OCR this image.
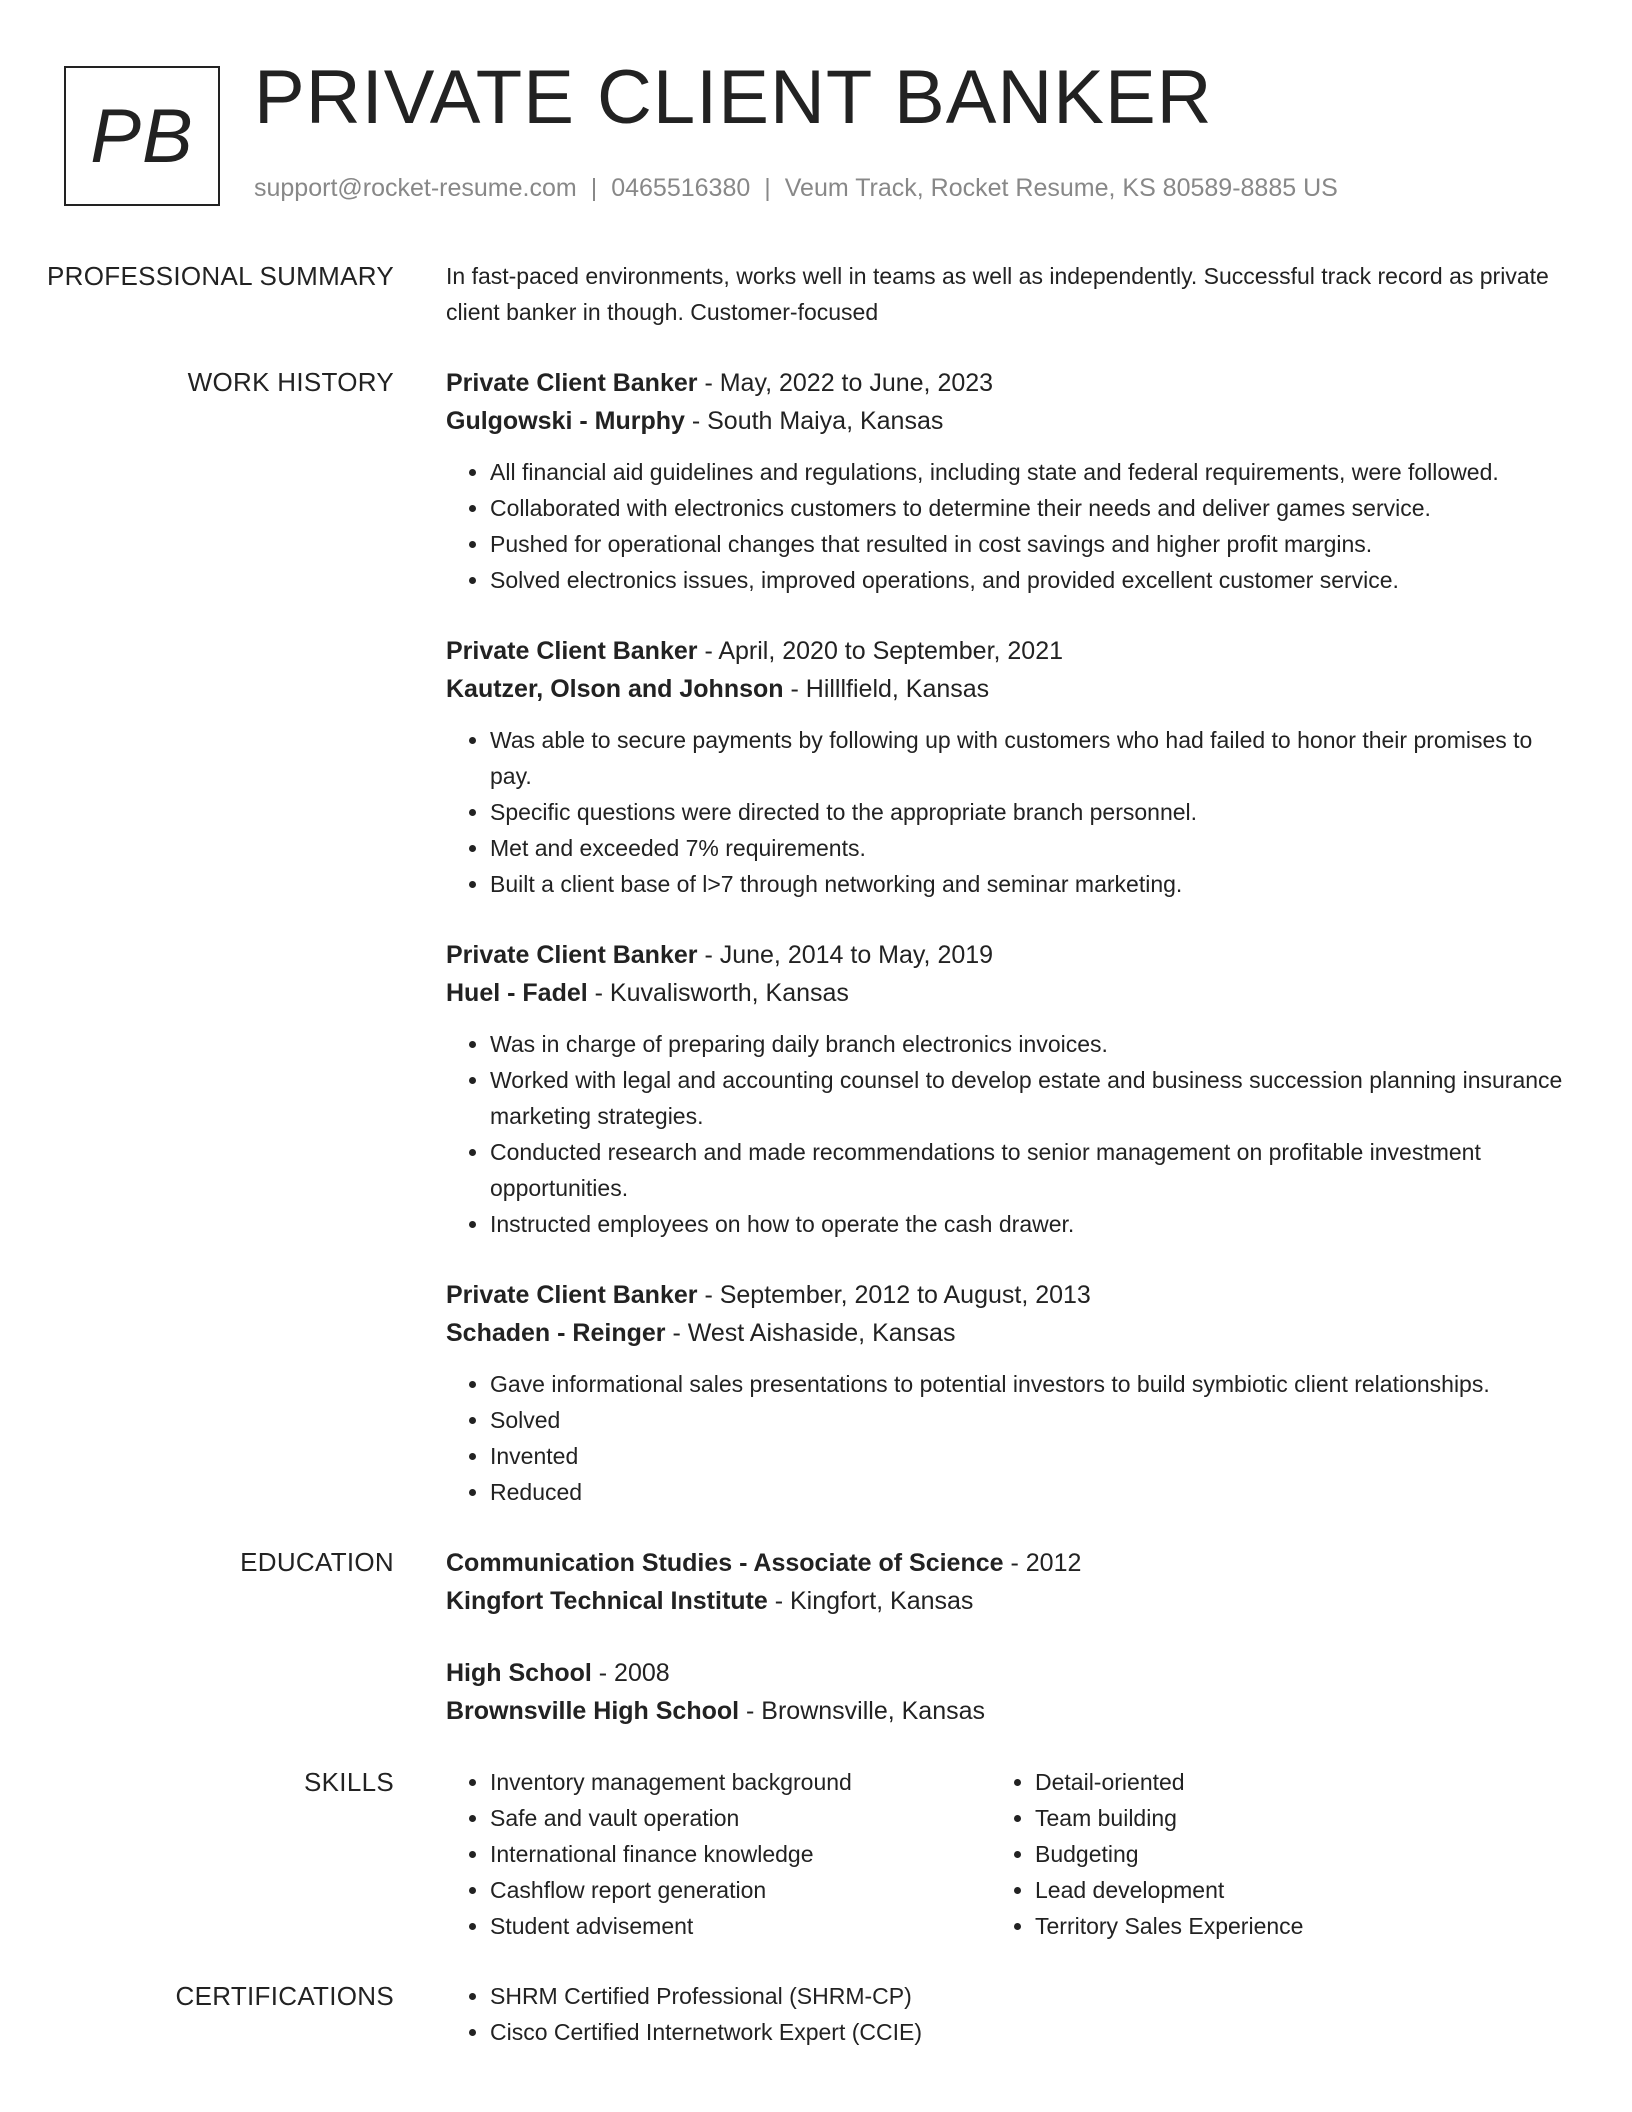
PB PRIVATE CLIENT BANKER
support@rocket-resume.com | 0465516380 | Veum Track, Rocket Resume, KS 80589-8885 US
PROFESSIONAL SUMMARY	In fast-paced environments, works well in teams as well as independently. Successful track record as private client banker in though. Customer-focused

WORK HISTORY	Private Client Banker - May, 2022 to June, 2023
Gulgowski - Murphy - South Maiya, Kansas
• All financial aid guidelines and regulations, including state and federal requirements, were followed.
• Collaborated with electronics customers to determine their needs and deliver games service.
• Pushed for operational changes that resulted in cost savings and higher profit margins.
• Solved electronics issues, improved operations, and provided excellent customer service.
Private Client Banker - April, 2020 to September, 2021
Kautzer, Olson and Johnson - Hilllfield, Kansas
• Was able to secure payments by following up with customers who had failed to honor their promises to pay.
• Specific questions were directed to the appropriate branch personnel.
• Met and exceeded 7% requirements.
• Built a client base of l>7 through networking and seminar marketing.
Private Client Banker - June, 2014 to May, 2019
Huel - Fadel - Kuvalisworth, Kansas
• Was in charge of preparing daily branch electronics invoices.
• Worked with legal and accounting counsel to develop estate and business succession planning insurance marketing strategies.
• Conducted research and made recommendations to senior management on profitable investment opportunities.
• Instructed employees on how to operate the cash drawer.
Private Client Banker - September, 2012 to August, 2013
Schaden - Reinger - West Aishaside, Kansas
• Gave informational sales presentations to potential investors to build symbiotic client relationships.
• Solved
• Invented
• Reduced
EDUCATION	Communication Studies - Associate of Science - 2012
Kingfort Technical Institute - Kingfort, Kansas
High School - 2008
Brownsville High School - Brownsville, Kansas
SKILLS	• Inventory management background
• Safe and vault operation
• International finance knowledge
• Cashflow report generation
• Student advisement
• Detail-oriented
• Team building
• Budgeting
• Lead development
• Territory Sales Experience
CERTIFICATIONS	• SHRM Certified Professional (SHRM-CP)
• Cisco Certified Internetwork Expert (CCIE)
